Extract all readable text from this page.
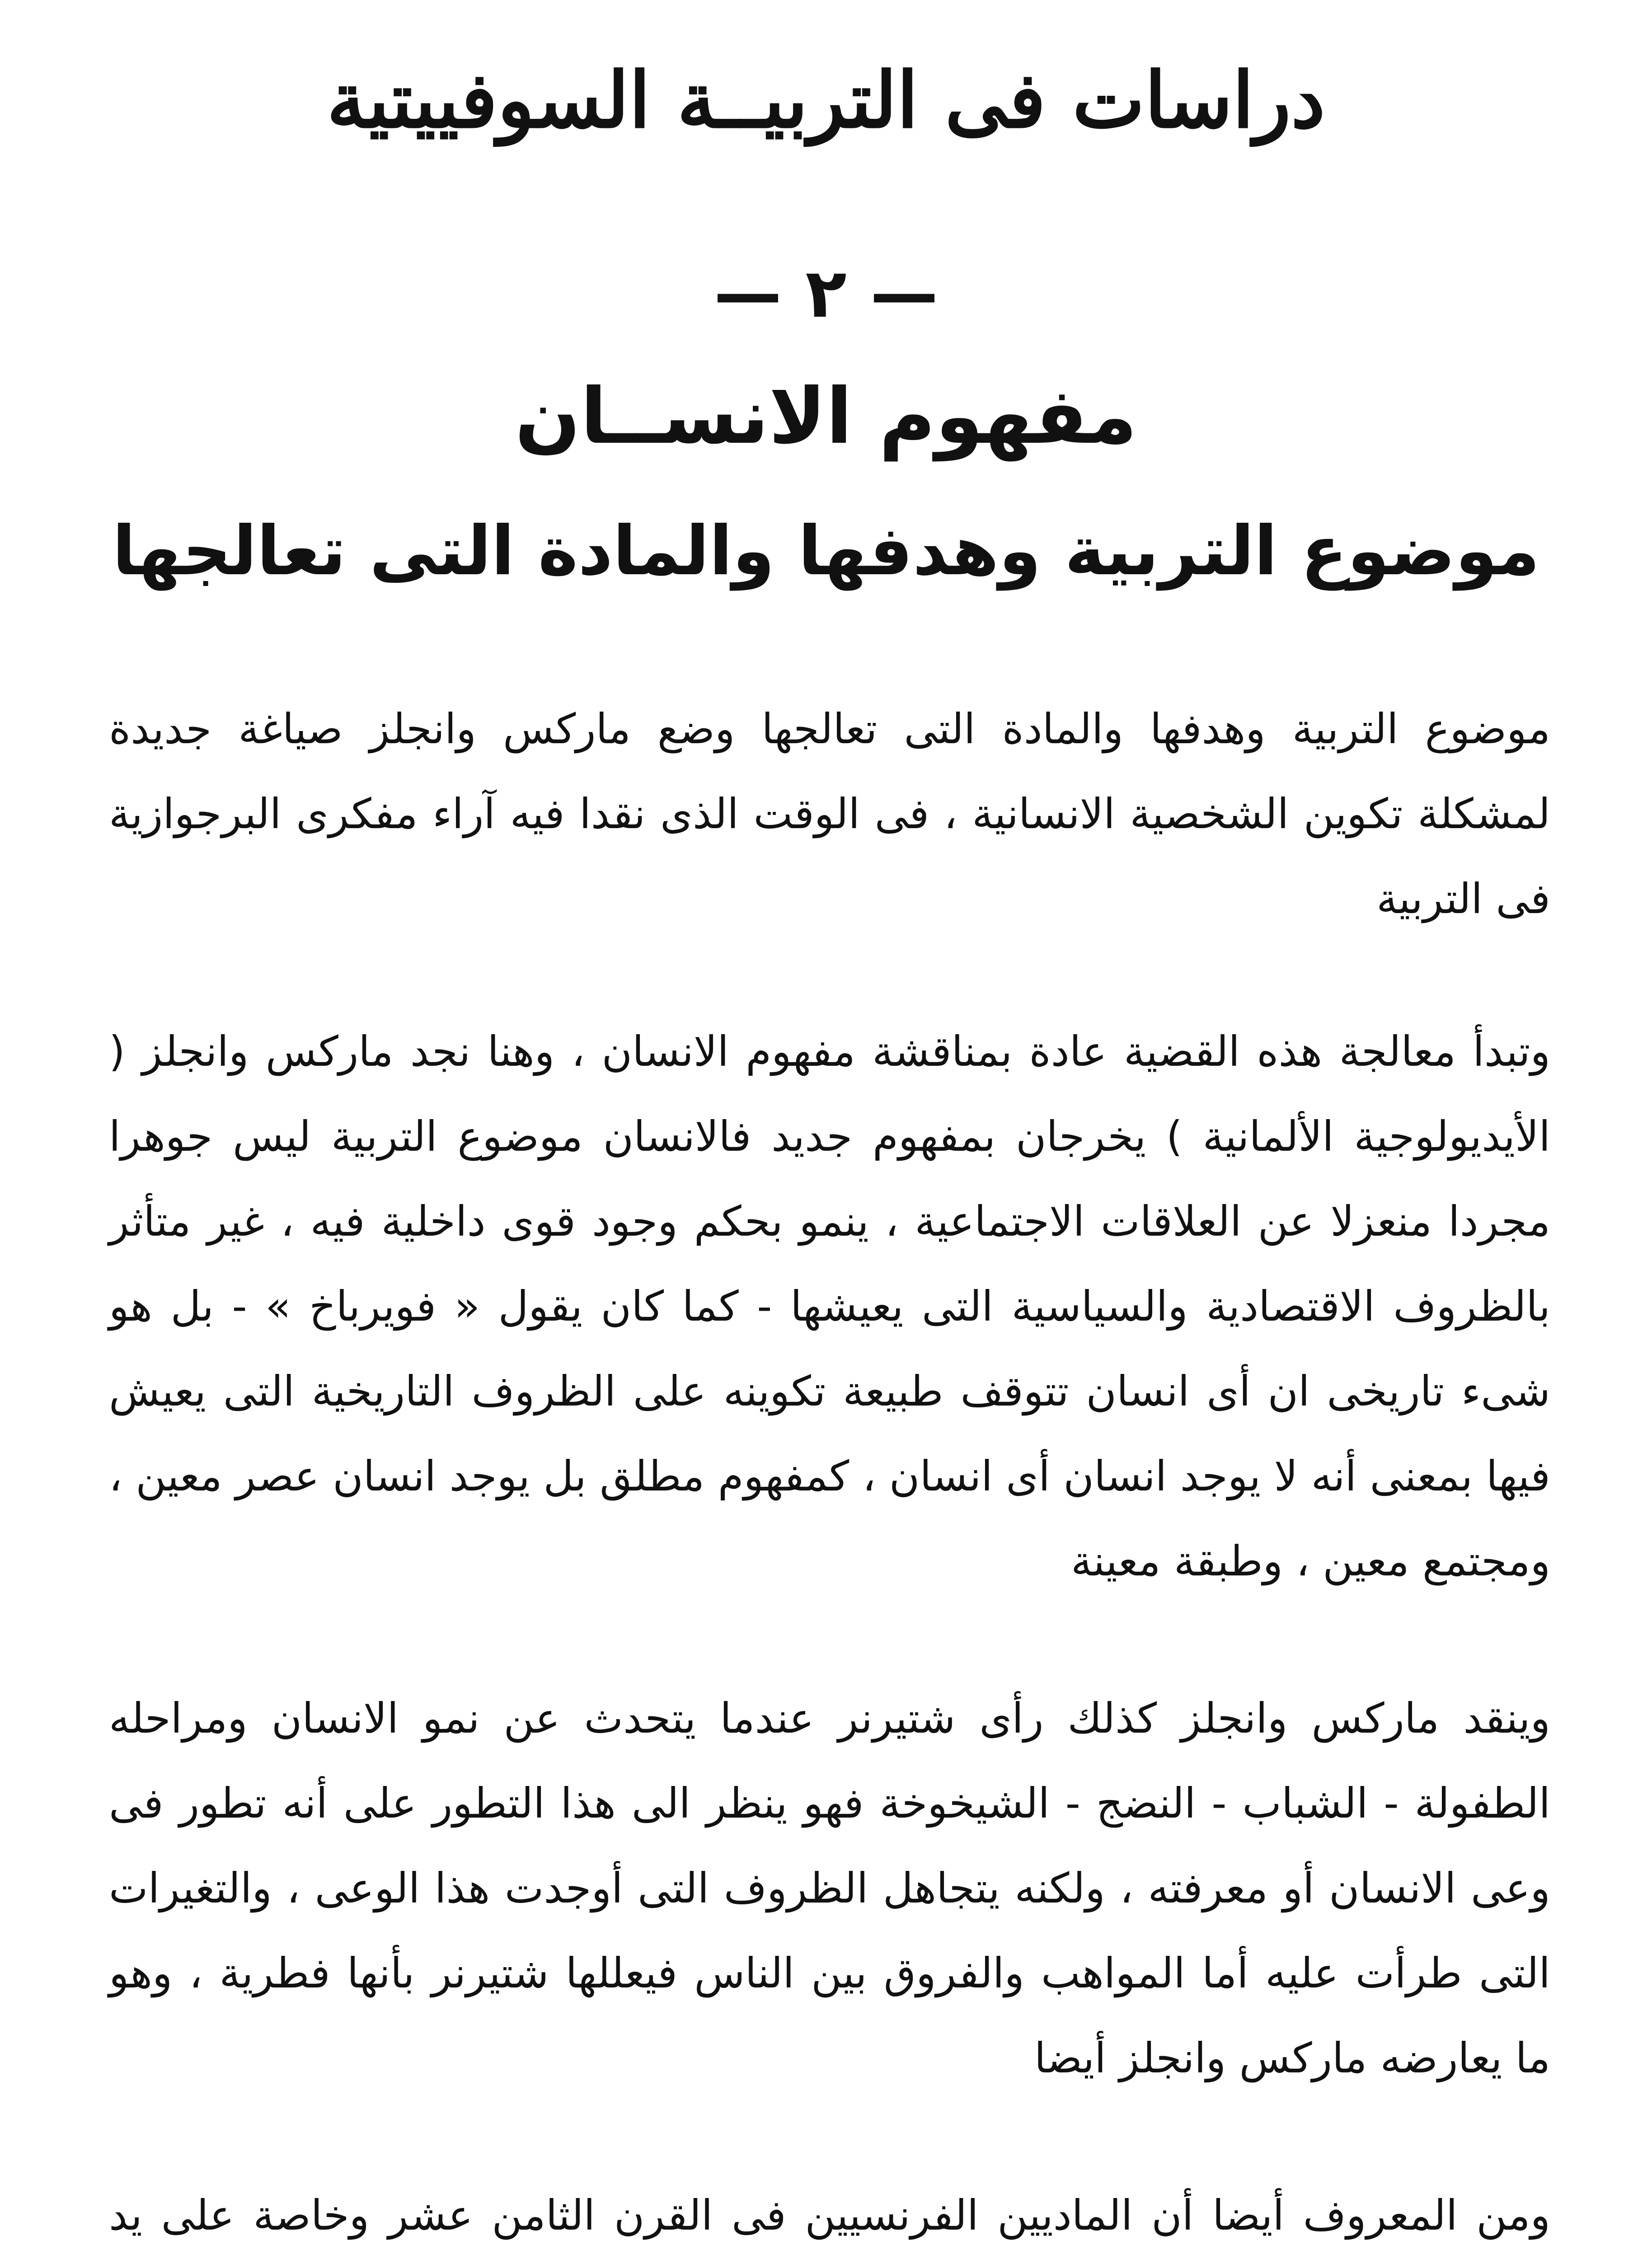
دراسات فى التربيــة السوفييتية
— ٢ —
مفهوم الانســان
موضوع التربية وهدفها والمادة التى تعالجها

موضوع التربية وهدفها والمادة التى تعالجها وضع ماركس وانجلز صياغة جديدة لمشكلة تكوين الشخصية الانسانية ، فى الوقت الذى نقدا فيه آراء مفكرى البرجوازية فى التربية

وتبدأ معالجة هذه القضية عادة بمناقشة مفهوم الانسان ، وهنا نجد ماركس وانجلز ( الأيديولوجية الألمانية ) يخرجان بمفهوم جديد فالانسان موضوع التربية ليس جوهرا مجردا منعزلا عن العلاقات الاجتماعية ، ينمو بحكم وجود قوى داخلية فيه ، غير متأثر بالظروف الاقتصادية والسياسية التى يعيشها - كما كان يقول « فويرباخ » - بل هو شىء تاريخى ان أى انسان تتوقف طبيعة تكوينه على الظروف التاريخية التى يعيش فيها بمعنى أنه لا يوجد انسان أى انسان ، كمفهوم مطلق بل يوجد انسان عصر معين ، ومجتمع معين ، وطبقة معينة

وينقد ماركس وانجلز كذلك رأى شتيرنر عندما يتحدث عن نمو الانسان ومراحله الطفولة - الشباب - النضج - الشيخوخة فهو ينظر الى هذا التطور على أنه تطور فى وعى الانسان أو معرفته ، ولكنه يتجاهل الظروف التى أوجدت هذا الوعى ، والتغيرات التى طرأت عليه أما المواهب والفروق بين الناس فيعللها شتيرنر بأنها فطرية ، وهو ما يعارضه ماركس وانجلز أيضا

ومن المعروف أيضا أن الماديين الفرنسيين فى القرن الثامن عشر وخاصة على يد
